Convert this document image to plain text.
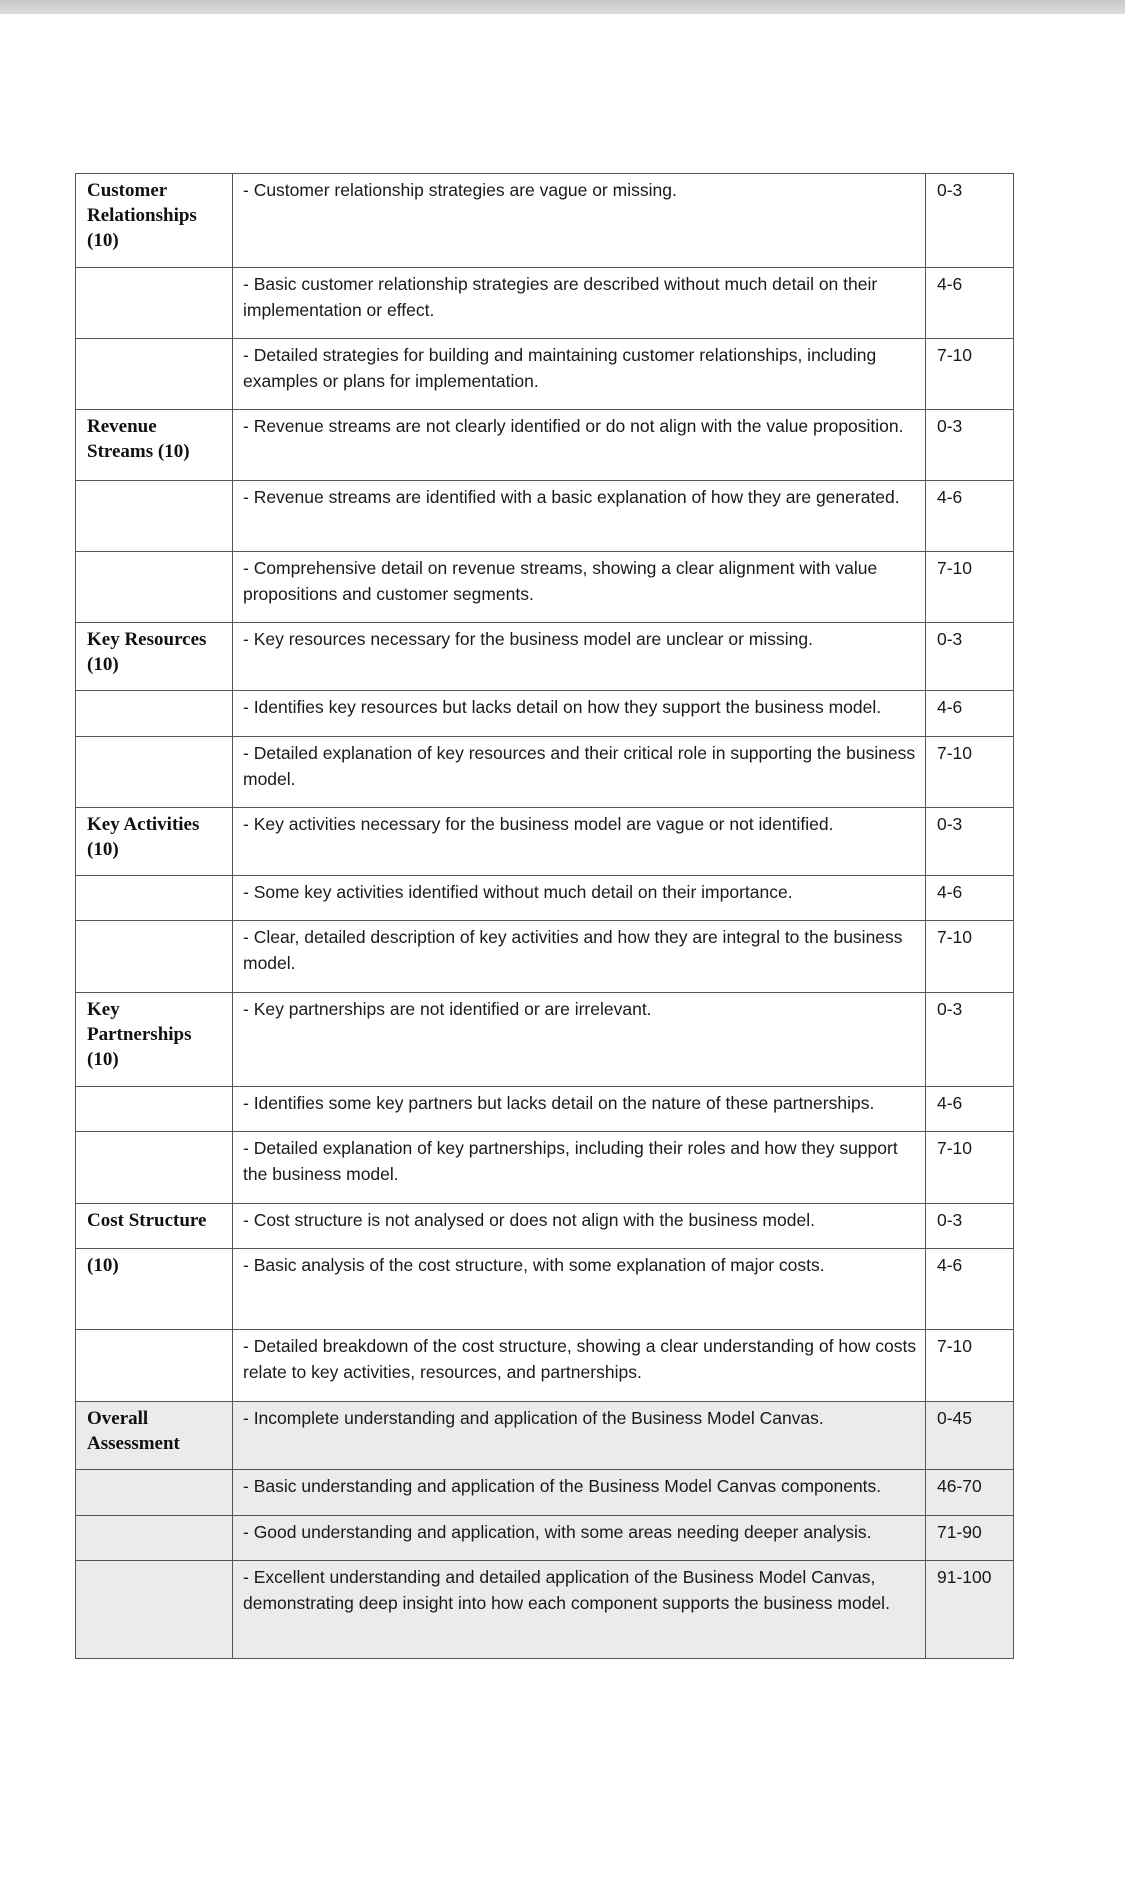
Customer Relationships (10)	- Customer relationship strategies are vague or missing.	0-3
	- Basic customer relationship strategies are described without much detail on their implementation or effect.	4-6
	- Detailed strategies for building and maintaining customer relationships, including examples or plans for implementation.	7-10
Revenue Streams (10)	- Revenue streams are not clearly identified or do not align with the value proposition.	0-3
	- Revenue streams are identified with a basic explanation of how they are generated.	4-6
	- Comprehensive detail on revenue streams, showing a clear alignment with value propositions and customer segments.	7-10
Key Resources (10)	- Key resources necessary for the business model are unclear or missing.	0-3
	- Identifies key resources but lacks detail on how they support the business model.	4-6
	- Detailed explanation of key resources and their critical role in supporting the business model.	7-10
Key Activities (10)	- Key activities necessary for the business model are vague or not identified.	0-3
	- Some key activities identified without much detail on their importance.	4-6
	- Clear, detailed description of key activities and how they are integral to the business model.	7-10
Key Partnerships (10)	- Key partnerships are not identified or are irrelevant.	0-3
	- Identifies some key partners but lacks detail on the nature of these partnerships.	4-6
	- Detailed explanation of key partnerships, including their roles and how they support the business model.	7-10
Cost Structure	- Cost structure is not analysed or does not align with the business model.	0-3
(10)	- Basic analysis of the cost structure, with some explanation of major costs.	4-6
	- Detailed breakdown of the cost structure, showing a clear understanding of how costs relate to key activities, resources, and partnerships.	7-10
Overall Assessment	- Incomplete understanding and application of the Business Model Canvas.	0-45
	- Basic understanding and application of the Business Model Canvas components.	46-70
	- Good understanding and application, with some areas needing deeper analysis.	71-90
	- Excellent understanding and detailed application of the Business Model Canvas, demonstrating deep insight into how each component supports the business model.	91-100
